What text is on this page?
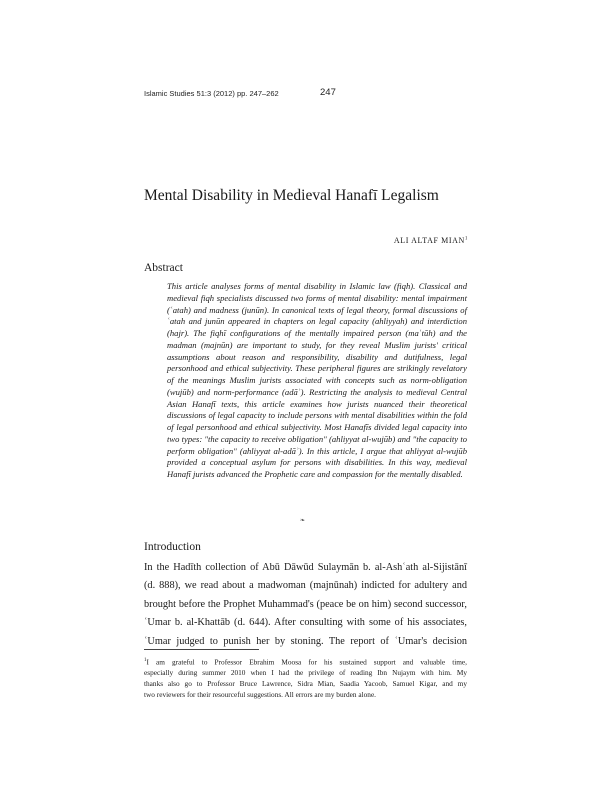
Islamic Studies 51:3 (2012) pp. 247–262	247
Mental Disability in Medieval Hanafī Legalism
ALI ALTAF MIAN$^1$
Abstract
This article analyses forms of mental disability in Islamic law (fiqh). Classical and
medieval fiqh specialists discussed two forms of mental disability: mental impairment
(ʿatah) and madness (junūn). In canonical texts of legal theory, formal discussions of
ʿatah and junūn appeared in chapters on legal capacity (ahliyyah) and interdiction
(hajr). The fiqhī configurations of the mentally impaired person (maʿtūh) and the
madman (majnūn) are important to study, for they reveal Muslim jurists' critical
assumptions about reason and responsibility, disability and dutifulness, legal
personhood and ethical subjectivity. These peripheral figures are strikingly revelatory
of the meanings Muslim jurists associated with concepts such as norm-obligation
(wujūb) and norm-performance (adāʾ). Restricting the analysis to medieval Central
Asian Hanafī texts, this article examines how jurists nuanced their theoretical
discussions of legal capacity to include persons with mental disabilities within the fold
of legal personhood and ethical subjectivity. Most Hanafīs divided legal capacity into
two types: "the capacity to receive obligation" (ahliyyat al-wujūb) and "the capacity to
perform obligation" (ahliyyat al-adāʾ). In this article, I argue that ahliyyat al-wujūb
provided a conceptual asylum for persons with disabilities. In this way, medieval
Hanafī jurists advanced the Prophetic care and compassion for the mentally disabled.
❧
Introduction
In the Hadīth collection of Abū Dāwūd Sulaymān b. al-Ashʿath al-Sijistānī
(d. 888), we read about a madwoman (majnūnah) indicted for adultery and
brought before the Prophet Muhammad's (peace be on him) second successor,
ʿUmar b. al-Khattāb (d. 644). After consulting with some of his associates,
ʿUmar judged to punish her by stoning. The report of ʿUmar's decision
$^1$I am grateful to Professor Ebrahim Moosa for his sustained support and valuable time,
especially during summer 2010 when I had the privilege of reading Ibn Nujaym with him. My
thanks also go to Professor Bruce Lawrence, Sidra Mian, Saadia Yacoob, Samuel Kigar, and my
two reviewers for their resourceful suggestions. All errors are my burden alone.
